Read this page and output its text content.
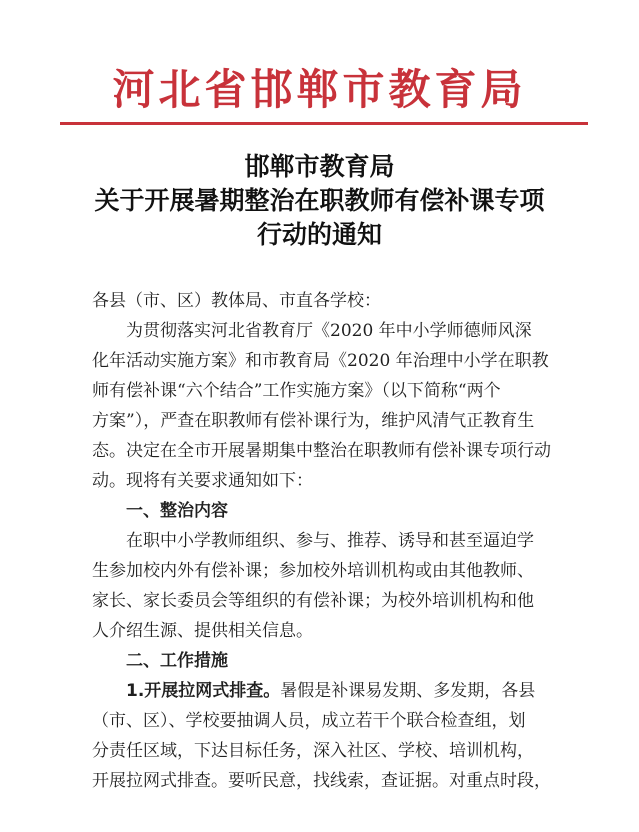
河北省邯郸市教育局
邯郸市教育局
关于开展暑期整治在职教师有偿补课专项
行动的通知
各县（市、区）教体局、市直各学校：
为贯彻落实河北省教育厅《2020 年中小学师德师风深
化年活动实施方案》和市教育局《2020 年治理中小学在职教
师有偿补课“六个结合”工作实施方案》（以下简称“两个
方案”），严查在职教师有偿补课行为，维护风清气正教育生
态。决定在全市开展暑期集中整治在职教师有偿补课专项行动
动。现将有关要求通知如下：
一、整治内容
在职中小学教师组织、参与、推荐、诱导和甚至逼迫学
生参加校内外有偿补课；参加校外培训机构或由其他教师、
家长、家长委员会等组织的有偿补课；为校外培训机构和他
人介绍生源、提供相关信息。
二、工作措施
1.开展拉网式排查。 暑假是补课易发期、多发期，各县
（市、区）、学校要抽调人员，成立若干个联合检查组，划
分责任区域，下达目标任务，深入社区、学校、培训机构，
开展拉网式排查。要听民意，找线索，查证据。对重点时段，
